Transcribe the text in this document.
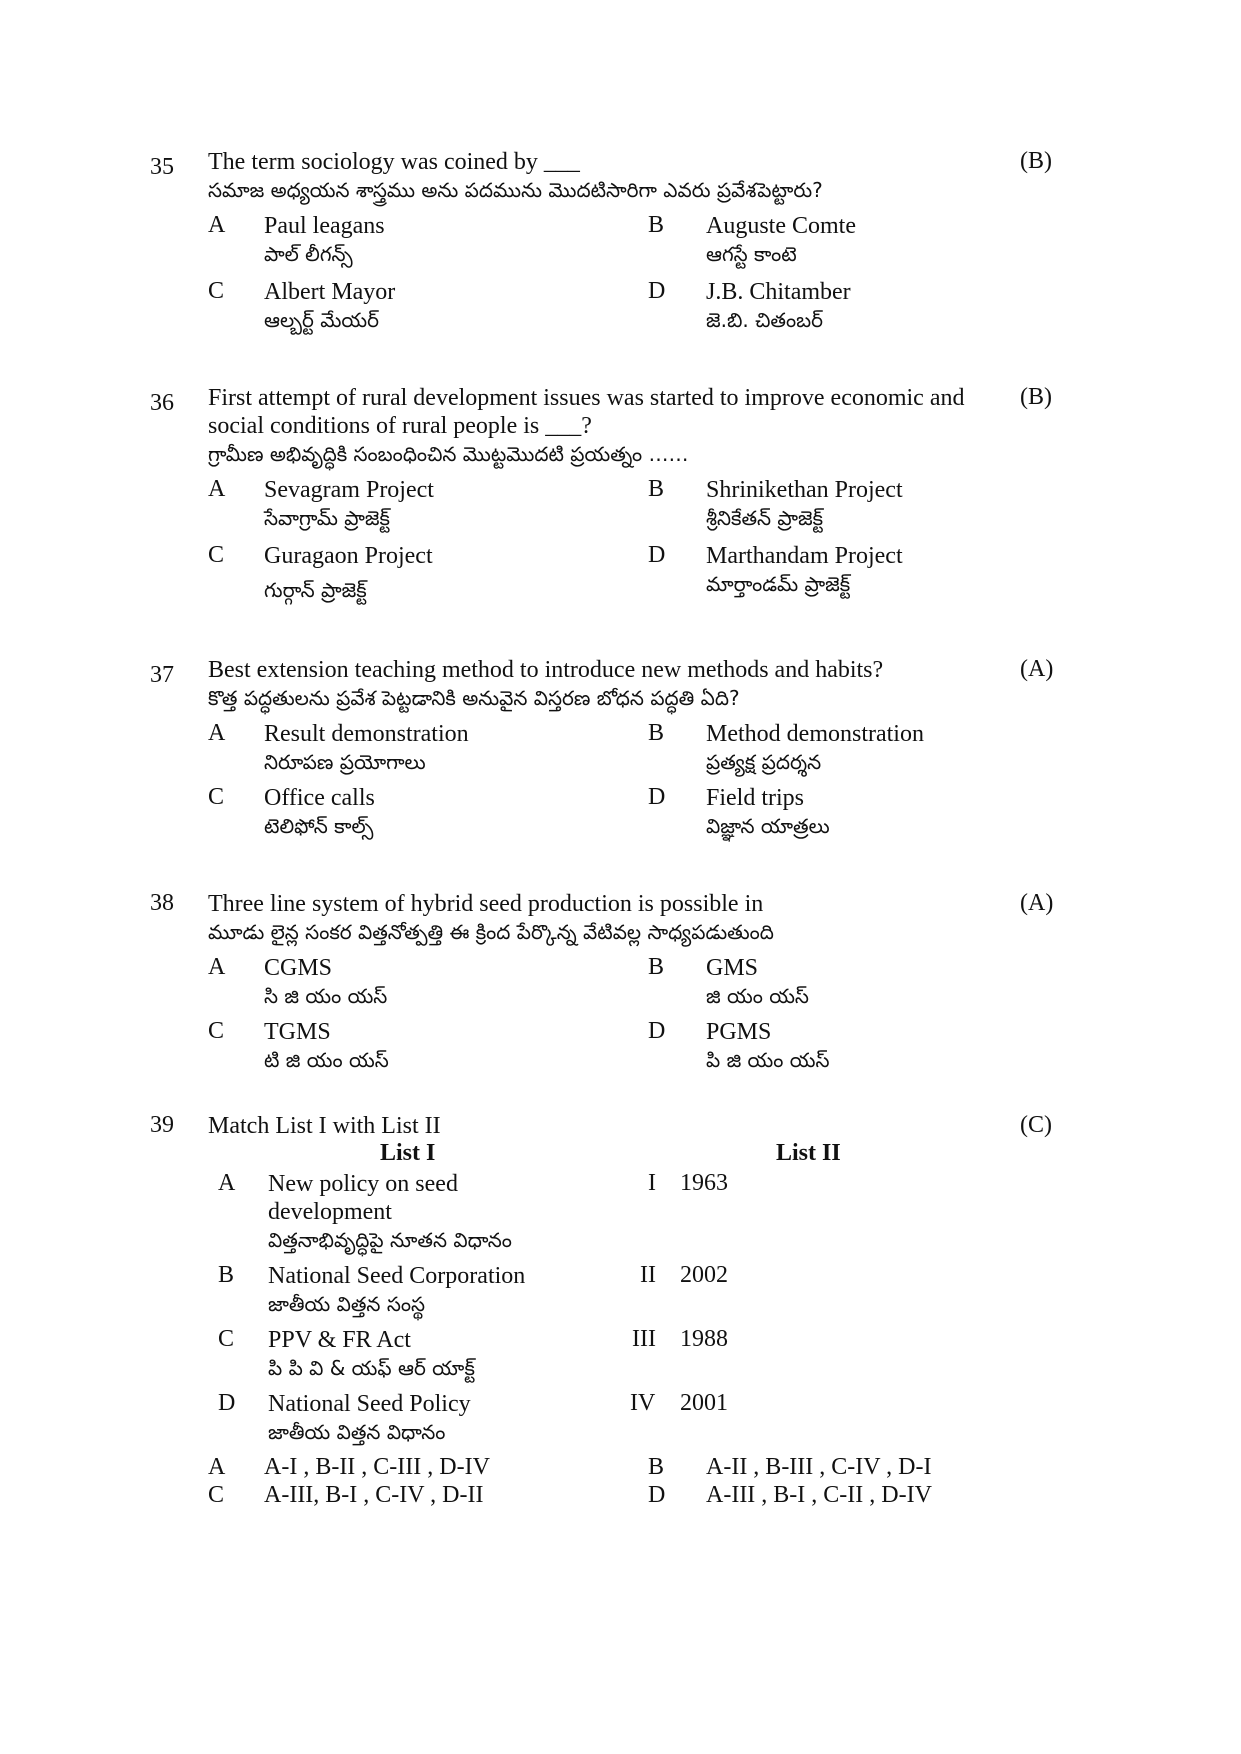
35	(B)
The term sociology was coined by ___
సమాజ అధ్యయన శాస్త్రము అను పదమును మొదటిసారిగా ఎవరు ప్రవేశపెట్టారు?
A Paul leagans
పాల్ లీగన్స్
B Auguste Comte
ఆగస్టే కాంటె
C Albert Mayor
ఆల్బర్ట్ మేయర్
D J.B. Chitamber
జె.బి. చితంబర్
36	(B)
First attempt of rural development issues was started to improve economic and social conditions of rural people is ___?
గ్రామీణ అభివృద్ధికి సంబంధించిన మొట్టమొదటి ప్రయత్నం ……
A Sevagram Project
సేవాగ్రామ్ ప్రాజెక్ట్
B Shrinikethan Project
శ్రీనికేతన్ ప్రాజెక్ట్
C Guragaon Project
గుర్గాన్ ప్రాజెక్ట్
D Marthandam Project
మార్తాండమ్ ప్రాజెక్ట్
37	(A)
Best extension teaching method to introduce new methods and habits?
కొత్త పద్ధతులను ప్రవేశ పెట్టడానికి అనువైన విస్తరణ బోధన పద్ధతి ఏది?
A Result demonstration
నిరూపణ ప్రయోగాలు
B Method demonstration
ప్రత్యక్ష ప్రదర్శన
C Office calls
టెలిఫోన్ కాల్స్
D Field trips
విజ్ఞాన యాత్రలు
38	(A)
Three line system of hybrid seed production is possible in
మూడు లైన్ల సంకర విత్తనోత్పత్తి ఈ క్రింద పేర్కొన్న వేటివల్ల సాధ్యపడుతుంది
A CGMS
సి జి యం యస్
B GMS
జి యం యస్
C TGMS
టి జి యం యస్
D PGMS
పి జి యం యస్
39	(C)
Match List I with List II
List I	List II
A New policy on seed
development
విత్తనాభివృద్ధిపై నూతన విధానం
I 1963
B National Seed Corporation
జాతీయ విత్తన సంస్థ
II 2002
C PPV & FR Act
పి పి వి & యఫ్ ఆర్ యాక్ట్
III 1988
D National Seed Policy
జాతీయ విత్తన విధానం
IV 2001
A A-I , B-II , C-III , D-IV	B A-II , B-III , C-IV , D-I
C A-III, B-I , C-IV , D-II	D A-III , B-I , C-II , D-IV
